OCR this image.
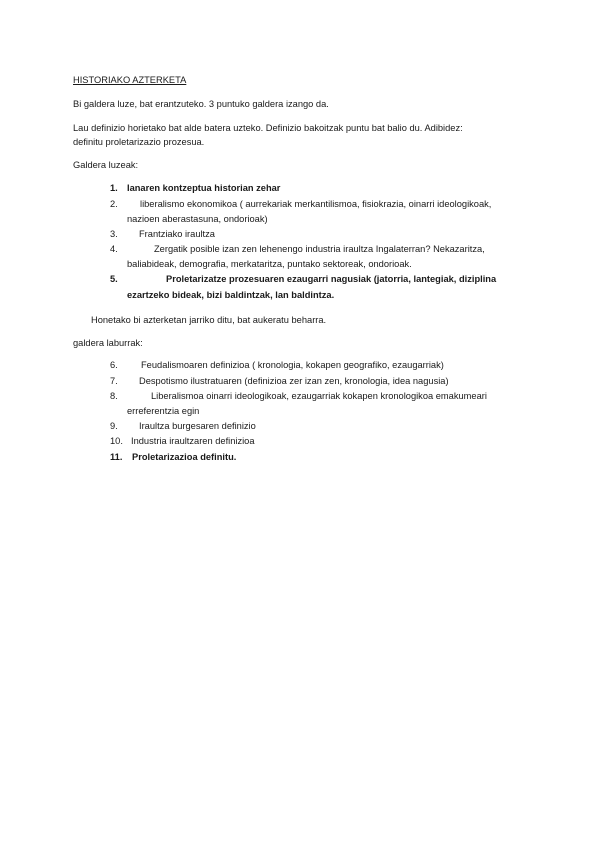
HISTORIAKO AZTERKETA
Bi galdera luze, bat erantzuteko. 3 puntuko galdera izango da.
Lau definizio horietako bat alde batera uzteko. Definizio bakoitzak puntu bat balio du. Adibidez:
definitu proletarizazio prozesua.
Galdera luzeak:
1. Ianaren kontzeptua historian zehar
2. liberalismo ekonomikoa ( aurrekariak merkantilismoa, fisiokrazia, oinarri ideologikoak,
nazioen aberastasuna, ondorioak)
3. Frantziako iraultza
4.	Zergatik posible izan zen lehenengo industria iraultza Ingalaterran? Nekazaritza,
baliabideak, demografia, merkataritza, puntako sektoreak, ondorioak.
5.	Proletarizatze prozesuaren ezaugarri nagusiak (jatorria, lantegiak, diziplina
ezartzeko bideak, bizi baldintzak, lan baldintza.
Honetako bi azterketan jarriko ditu, bat aukeratu beharra.
galdera laburrak:
6. Feudalismoaren definizioa ( kronologia, kokapen geografiko, ezaugarriak)
7. Despotismo ilustratuaren (definizioa zer izan zen, kronologia, idea nagusia)
8.	Liberalismoa oinarri ideologikoak, ezaugarriak kokapen kronologikoa emakumeari
erreferentzia egin
9. Iraultza burgesaren definizio
10. Industria iraultzaren definizioa
11. Proletarizazioa definitu.
